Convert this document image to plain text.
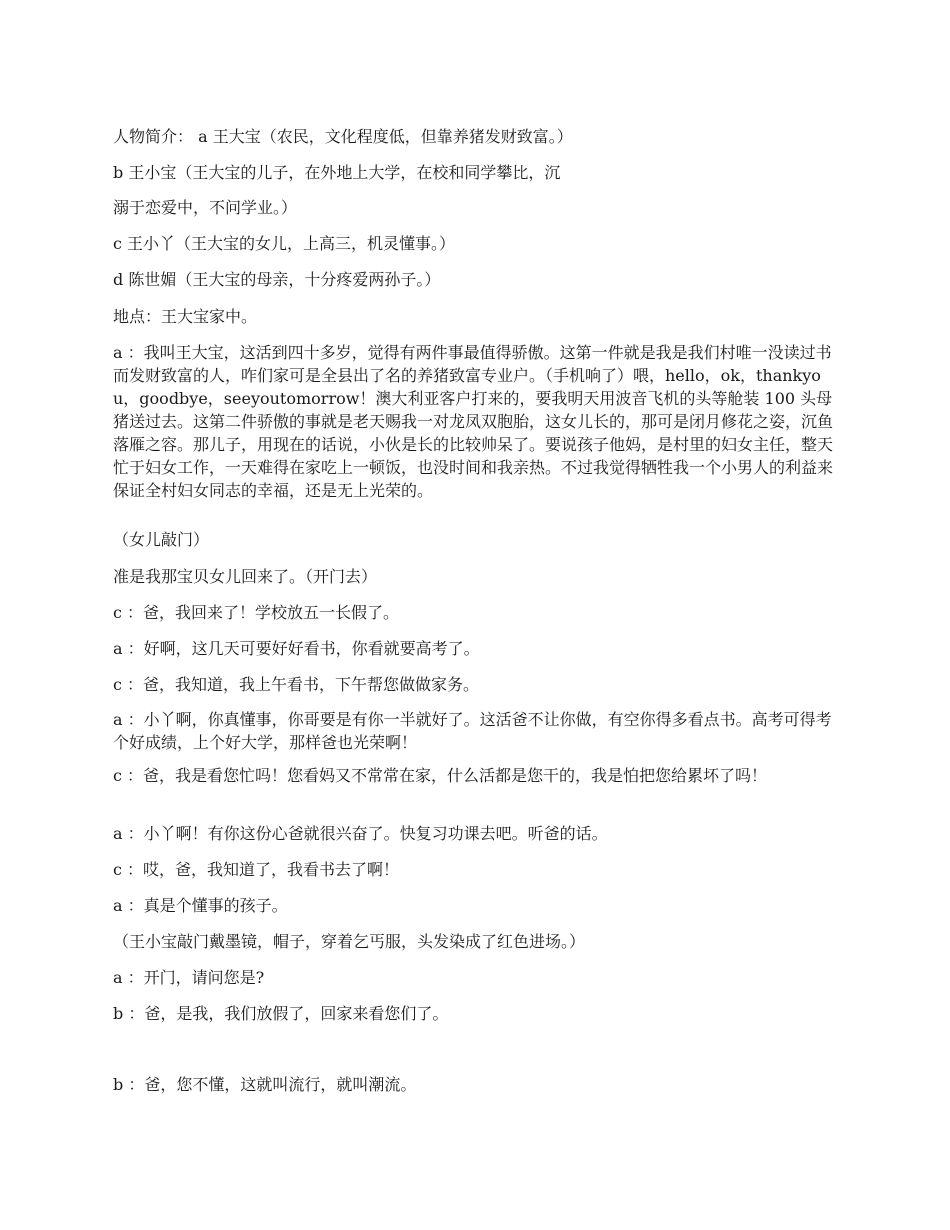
人物简介： a 王大宝（农民，文化程度低，但靠养猪发财致富。）

b 王小宝（王大宝的儿子，在外地上大学，在校和同学攀比，沉

溺于恋爱中，不问学业。）

c 王小丫（王大宝的女儿，上高三，机灵懂事。）

d 陈世媚（王大宝的母亲，十分疼爱两孙子。）

地点：王大宝家中。

a ：我叫王大宝，这活到四十多岁，觉得有两件事最值得骄傲。这第一件就是我是我们村唯一没读过书而发财致富的人，咋们家可是全县出了名的养猪致富专业户。（手机响了）喂，hello，ok，thankyou，goodbye，seeyoutomorrow！澳大利亚客户打来的，要我明天用波音飞机的头等舱装 100 头母猪送过去。这第二件骄傲的事就是老天赐我一对龙凤双胞胎，这女儿长的，那可是闭月修花之姿，沉鱼落雁之容。那儿子，用现在的话说，小伙是长的比较帅呆了。要说孩子他妈，是村里的妇女主任，整天忙于妇女工作，一天难得在家吃上一顿饭，也没时间和我亲热。不过我觉得牺牲我一个小男人的利益来保证全村妇女同志的幸福，还是无上光荣的。

（女儿敲门）

准是我那宝贝女儿回来了。（开门去）

c ：爸，我回来了！学校放五一长假了。

a ：好啊，这几天可要好好看书，你看就要高考了。

c ：爸，我知道，我上午看书，下午帮您做做家务。

a ：小丫啊，你真懂事，你哥要是有你一半就好了。这活爸不让你做，有空你得多看点书。高考可得考个好成绩，上个好大学，那样爸也光荣啊！

c ：爸，我是看您忙吗！您看妈又不常常在家，什么活都是您干的，我是怕把您给累坏了吗！

a ：小丫啊！有你这份心爸就很兴奋了。快复习功课去吧。听爸的话。

c ：哎，爸，我知道了，我看书去了啊！

a ：真是个懂事的孩子。

（王小宝敲门戴墨镜，帽子，穿着乞丐服，头发染成了红色进场。）

a ：开门，请问您是?

b ：爸，是我，我们放假了，回家来看您们了。

b ：爸，您不懂，这就叫流行，就叫潮流。
